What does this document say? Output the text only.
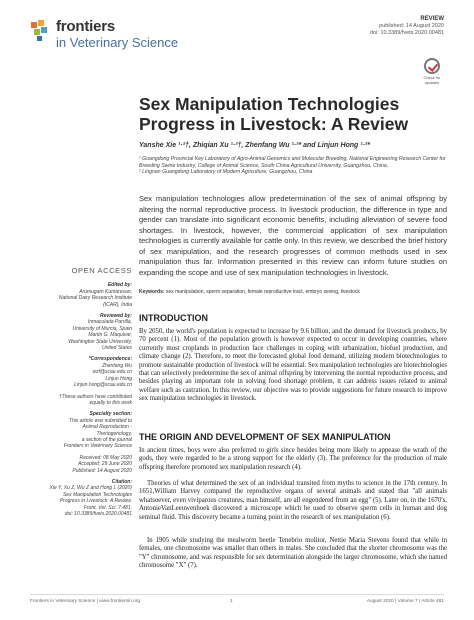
frontiers
in Veterinary Science
REVIEW
published: 14 August 2020
doi: 10.3389/fvets.2020.00481
Check for updates
Sex Manipulation Technologies
Progress in Livestock: A Review
Yanshe Xie ¹·²†, Zhiqian Xu ¹·²†, Zhenfang Wu ¹·²* and Linjun Hong ¹·²*
¹ Guangdong Provincial Key Laboratory of Agro-Animal Genomics and Molecular Breeding, National Engineering Research Center for Breeding Swine Industry, College of Animal Science, South China Agricultural University, Guangzhou, China,
² Lingnan Guangdong Laboratory of Modern Agriculture, Guangzhou, China
Sex manipulation technologies allow predetermination of the sex of animal offspring by altering the normal reproductive process. In livestock production, the difference in type and gender can translate into significant economic benefits, including alleviation of severe food shortages. In livestock, however, the commercial application of sex manipulation technologies is currently available for cattle only. In this review, we described the brief history of sex manipulation, and the research progresses of common methods used in sex manipulation thus far. Information presented in this review can inform future studies on expanding the scope and use of sex manipulation technologies in livestock.
Keywords: sex manipulation, sperm separation, female reproductive tract, embryo sexing, livestock
OPEN ACCESS
Edited by:
Arumugam Kumaresan,
National Dairy Research Institute
(ICAR), India
Reviewed by:
Inmaculada Parrilla,
University of Murcia, Spain
Martin G. Maquivar,
Washington State University,
United States
*Correspondence:
Zhenfang Wu
wzf@scau.edu.cn
Linjun Hong
Linjun.hong@scau.edu.cn
†These authors have contributed
equally to this work
Specialty section:
This article was submitted to
Animal Reproduction -
Theriogenology,
a section of the journal
Frontiers in Veterinary Science
Received: 08 May 2020
Accepted: 29 June 2020
Published: 14 August 2020
Citation:
Xie Y, Xu Z, Wu Z and Hong L (2020)
Sex Manipulation Technologies
Progress in Livestock: A Review.
Front. Vet. Sci. 7:481.
doi: 10.3389/fvets.2020.00481
INTRODUCTION
By 2050, the world's population is expected to increase by 9.6 billion, and the demand for livestock products, by 70 percent (1). Most of the population growth is however expected to occur in developing countries, where currently most croplands in production face challenges in coping with urbanization, biofuel production, and climate change (2). Therefore, to meet the forecasted global food demand, utilizing modern biotechnologies to promote sustainable production of livestock will be essential. Sex manipulation technologies are biotechnologies that can selectively predetermine the sex of animal offspring by intervening the normal reproductive process, and besides playing an important role in solving food shortage problem, it can address issues related to animal welfare such as castration. In this review, our objective was to provide suggestions for future research to improve sex manipulation technologies in livestock.
THE ORIGIN AND DEVELOPMENT OF SEX MANIPULATION
In ancient times, boys were also preferred to girls since besides being more likely to appease the wrath of the gods, they were regarded to be a strong support for the elderly (3). The preference for the production of male offspring therefore promoted sex manipulation research (4).
Theories of what determined the sex of an individual transited from myths to science in the 17th century. In 1651,William Harvey compared the reproductive organs of several animals and stated that "all animals whatsoever, even viviparous creatures, man himself, are all engendered from an egg" (5). Later on, in the 1670's, AntonieVanLeeuwenhoek discovered a microscope which he used to observe sperm cells in human and dog seminal fluid. This discovery became a turning point in the research of sex manipulation (6).
In 1905 while studying the mealworm beetle Tenebrio molitor, Nettie Maria Stevens found that while in females, one chromosome was smaller than others in males. She concluded that the shorter chromosome was the "Y" chromosome, and was responsible for sex determination alongside the larger chromosome, which she named chromosome "X" (7).
Frontiers in Veterinary Science | www.frontiersin.org	1	August 2020 | Volume 7 | Article 481
